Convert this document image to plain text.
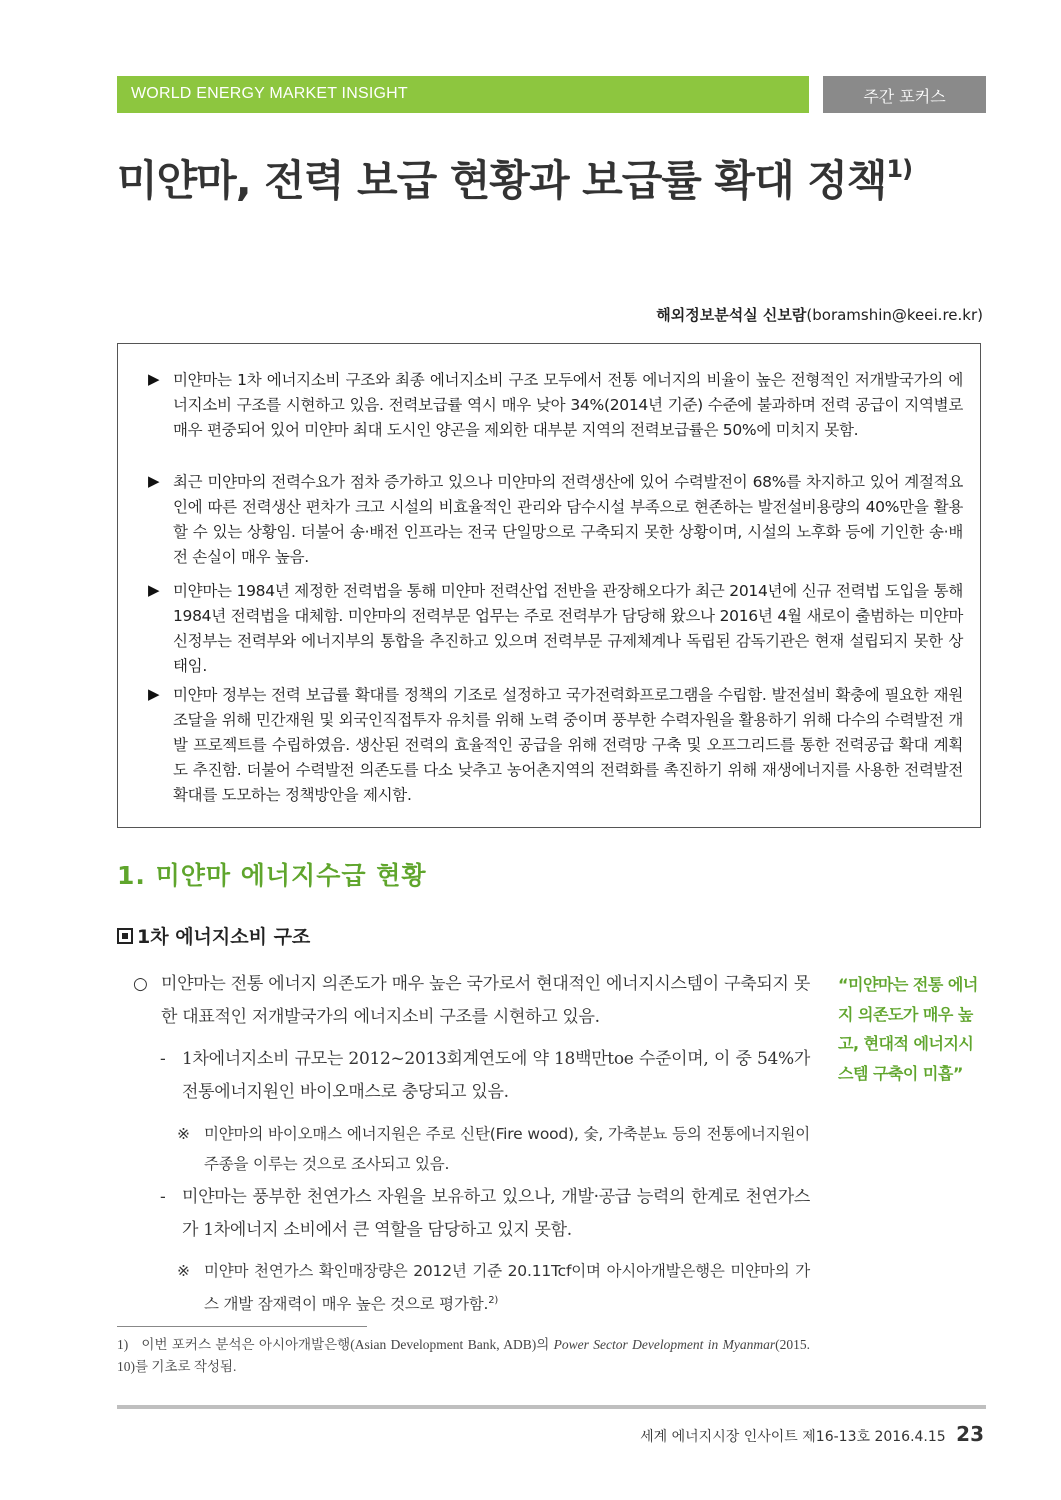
WORLD ENERGY MARKET INSIGHT	주간 포커스
미얀마, 전력 보급 현황과 보급률 확대 정책$^{1)}$
해외정보분석실 신보람(boramshin@keei.re.kr)
▶ 미얀마는 1차 에너지소비 구조와 최종 에너지소비 구조 모두에서 전통 에너지의 비율이 높은 전형적인 저개발국가의 에너지소비 구조를 시현하고 있음. 전력보급률 역시 매우 낮아 34%(2014년 기준) 수준에 불과하며 전력 공급이 지역별로 매우 편중되어 있어 미얀마 최대 도시인 양곤을 제외한 대부분 지역의 전력보급률은 50%에 미치지 못함.
▶ 최근 미얀마의 전력수요가 점차 증가하고 있으나 미얀마의 전력생산에 있어 수력발전이 68%를 차지하고 있어 계절적요인에 따른 전력생산 편차가 크고 시설의 비효율적인 관리와 담수시설 부족으로 현존하는 발전설비용량의 40%만을 활용할 수 있는 상황임. 더불어 송·배전 인프라는 전국 단일망으로 구축되지 못한 상황이며, 시설의 노후화 등에 기인한 송·배전 손실이 매우 높음.
▶ 미얀마는 1984년 제정한 전력법을 통해 미얀마 전력산업 전반을 관장해오다가 최근 2014년에 신규 전력법 도입을 통해 1984년 전력법을 대체함. 미얀마의 전력부문 업무는 주로 전력부가 담당해 왔으나 2016년 4월 새로이 출범하는 미얀마 신정부는 전력부와 에너지부의 통합을 추진하고 있으며 전력부문 규제체계나 독립된 감독기관은 현재 설립되지 못한 상태임.
▶ 미얀마 정부는 전력 보급률 확대를 정책의 기조로 설정하고 국가전력화프로그램을 수립함. 발전설비 확충에 필요한 재원조달을 위해 민간재원 및 외국인직접투자 유치를 위해 노력 중이며 풍부한 수력자원을 활용하기 위해 다수의 수력발전 개발 프로젝트를 수립하였음. 생산된 전력의 효율적인 공급을 위해 전력망 구축 및 오프그리드를 통한 전력공급 확대 계획도 추진함. 더불어 수력발전 의존도를 다소 낮추고 농어촌지역의 전력화를 촉진하기 위해 재생에너지를 사용한 전력발전 확대를 도모하는 정책방안을 제시함.
1. 미얀마 에너지수급 현황
1차 에너지소비 구조
○ 미얀마는 전통 에너지 의존도가 매우 높은 국가로서 현대적인 에너지시스템이 구축되지 못한 대표적인 저개발국가의 에너지소비 구조를 시현하고 있음.
- 1차에너지소비 규모는 2012~2013회계연도에 약 18백만toe 수준이며, 이 중 54%가 전통에너지원인 바이오매스로 충당되고 있음.
※ 미얀마의 바이오매스 에너지원은 주로 신탄(Fire wood), 숯, 가축분뇨 등의 전통에너지원이 주종을 이루는 것으로 조사되고 있음.
- 미얀마는 풍부한 천연가스 자원을 보유하고 있으나, 개발·공급 능력의 한계로 천연가스가 1차에너지 소비에서 큰 역할을 담당하고 있지 못함.
※ 미얀마 천연가스 확인매장량은 2012년 기준 20.11Tcf이며 아시아개발은행은 미얀마의 가스 개발 잠재력이 매우 높은 것으로 평가함.$^{2)}$
“미얀마는 전통 에너지 의존도가 매우 높고, 현대적 에너지시스템 구축이 미흡”
1) 이번 포커스 분석은 아시아개발은행(Asian Development Bank, ADB)의 Power Sector Development in Myanmar(2015. 10)를 기초로 작성됨.
세계 에너지시장 인사이트 제16-13호 2016.4.15 23
